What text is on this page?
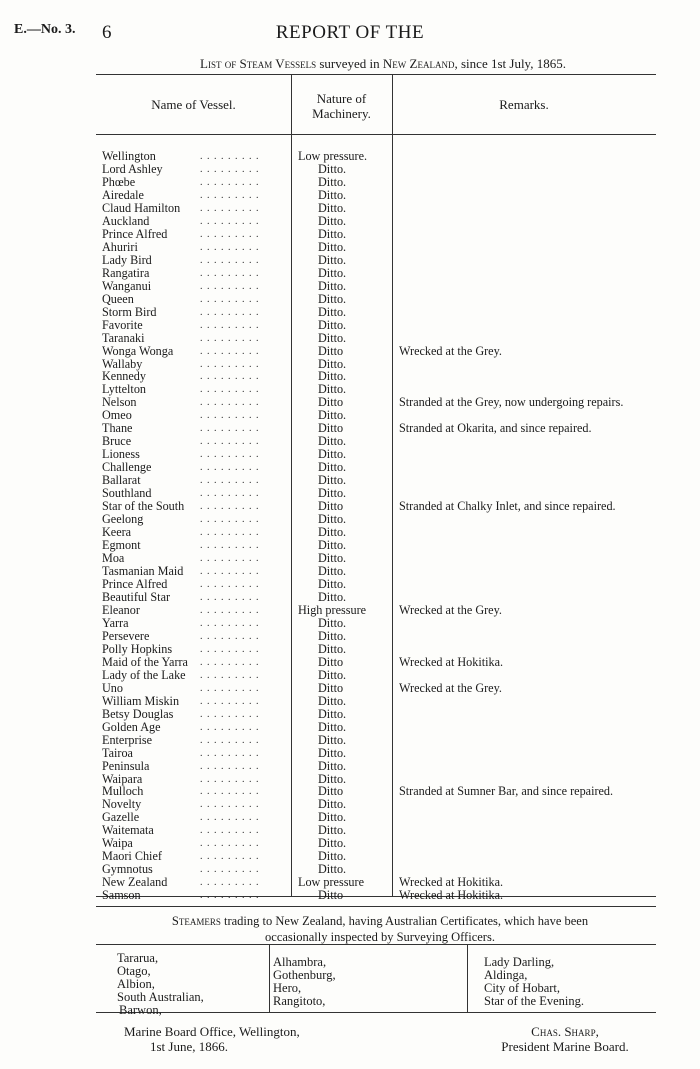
E.—No. 3. 6	REPORT OF THE
List of Steam Vessels surveyed in New Zealand, since 1st July, 1865.
Name of Vessel.	Nature of
Machinery.
Remarks.
Wellington	. . . . . . . . .	Low pressure.
Lord Ashley	. . . . . . . . .	Ditto.
Phœbe	. . . . . . . . .	Ditto.
Airedale	. . . . . . . . .	Ditto.
Claud Hamilton . . . . . . . . .	Ditto.
Auckland	. . . . . . . . .	Ditto.
Prince Alfred	. . . . . . . . .	Ditto.
Ahuriri	. . . . . . . . .	Ditto.
Lady Bird	. . . . . . . . .	Ditto.
Rangatira	. . . . . . . . .	Ditto.
Wanganui	. . . . . . . . .	Ditto.
Queen	. . . . . . . . .	Ditto.
Storm Bird	. . . . . . . . .	Ditto.
Favorite	. . . . . . . . .	Ditto.
Taranaki	. . . . . . . . .	Ditto.
Wonga Wonga	. . . . . . . . .	Ditto	Wrecked at the Grey.
Wallaby	. . . . . . . . .	Ditto.
Kennedy	. . . . . . . . .	Ditto.
Lyttelton	. . . . . . . . .	Ditto.
Nelson	. . . . . . . . .	Ditto	Stranded at the Grey, now undergoing repairs.
Omeo	. . . . . . . . .	Ditto.
Thane	. . . . . . . . .	Ditto	Stranded at Okarita, and since repaired.
Bruce	. . . . . . . . .	Ditto.
Lioness	. . . . . . . . .	Ditto.
Challenge	. . . . . . . . .	Ditto.
Ballarat	. . . . . . . . .	Ditto.
Southland	. . . . . . . . .	Ditto.
Star of the South . . . . . . . . .	Ditto	Stranded at Chalky Inlet, and since repaired.
Geelong	. . . . . . . . .	Ditto.
Keera	. . . . . . . . .	Ditto.
Egmont	. . . . . . . . .	Ditto.
Moa	. . . . . . . . .	Ditto.
Tasmanian Maid . . . . . . . . .	Ditto.
Prince Alfred	. . . . . . . . .	Ditto.
Beautiful Star	. . . . . . . . .	Ditto.
Eleanor	. . . . . . . . .	High pressure	Wrecked at the Grey.
Yarra	. . . . . . . . .	Ditto.
Persevere	. . . . . . . . .	Ditto.
Polly Hopkins	. . . . . . . . .	Ditto.
Maid of the Yarra . . . . . . . . .	Ditto	Wrecked at Hokitika.
Lady of the Lake . . . . . . . . .	Ditto.
Uno	. . . . . . . . .	Ditto	Wrecked at the Grey.
William Miskin . . . . . . . . .	Ditto.
Betsy Douglas	. . . . . . . . .	Ditto.
Golden Age	. . . . . . . . .	Ditto.
Enterprise	. . . . . . . . .	Ditto.
Tairoa	. . . . . . . . .	Ditto.
Peninsula	. . . . . . . . .	Ditto.
Waipara	. . . . . . . . .	Ditto.
Mulloch	. . . . . . . . .	Ditto	Stranded at Sumner Bar, and since repaired.
Novelty	. . . . . . . . .	Ditto.
Gazelle	. . . . . . . . .	Ditto.
Waitemata	. . . . . . . . .	Ditto.
Waipa	. . . . . . . . .	Ditto.
Maori Chief	. . . . . . . . .	Ditto.
Gymnotus	. . . . . . . . .	Ditto.
New Zealand	. . . . . . . . .	Low pressure	Wrecked at Hokitika.
Samson	. . . . . . . . .	Ditto	Wrecked at Hokitika.
Steamers trading to New Zealand, having Australian Certificates, which have been
occasionally inspected by Surveying Officers.
Tararua,
Otago,
Albion,
South Australian,
Barwon,
Alhambra,
Gothenburg,
Hero,
Rangitoto,
Lady Darling,
Aldinga,
City of Hobart,
Star of the Evening.
Marine Board Office, Wellington,
1st June, 1866.
Chas. Sharp,
President Marine Board.
